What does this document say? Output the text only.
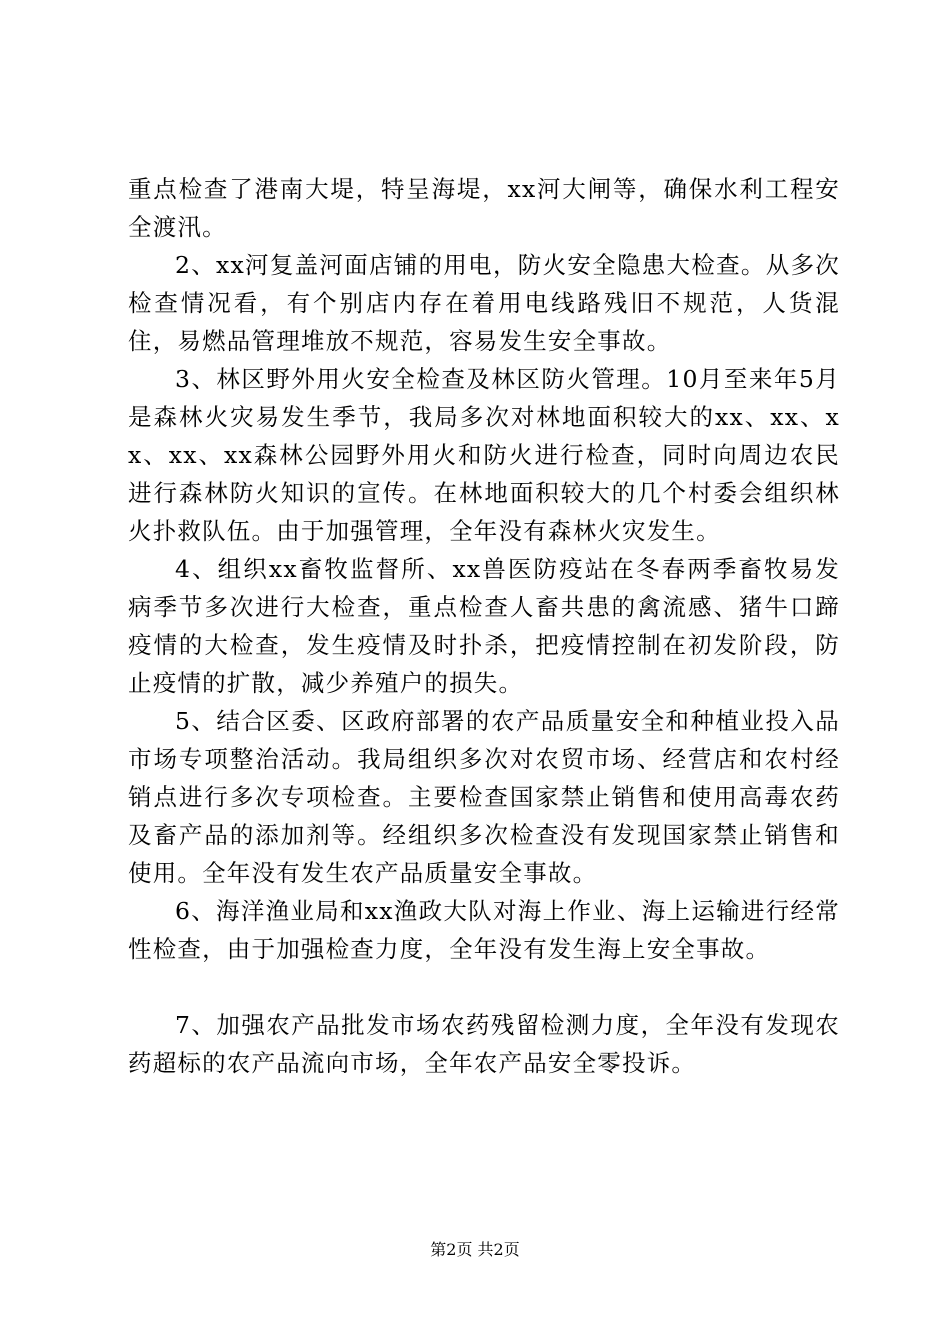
重点检查了港南大堤，特呈海堤，xx河大闸等，确保水利工程安全渡汛。

2、xx河复盖河面店铺的用电，防火安全隐患大检查。从多次检查情况看，有个别店内存在着用电线路残旧不规范，人货混住，易燃品管理堆放不规范，容易发生安全事故。

3、林区野外用火安全检查及林区防火管理。10月至来年5月是森林火灾易发生季节，我局多次对林地面积较大的xx、xx、xx、xx、xx森林公园野外用火和防火进行检查，同时向周边农民进行森林防火知识的宣传。在林地面积较大的几个村委会组织林火扑救队伍。由于加强管理，全年没有森林火灾发生。

4、组织xx畜牧监督所、xx兽医防疫站在冬春两季畜牧易发病季节多次进行大检查，重点检查人畜共患的禽流感、猪牛口蹄疫情的大检查，发生疫情及时扑杀，把疫情控制在初发阶段，防止疫情的扩散，减少养殖户的损失。

5、结合区委、区政府部署的农产品质量安全和种植业投入品市场专项整治活动。我局组织多次对农贸市场、经营店和农村经销点进行多次专项检查。主要检查国家禁止销售和使用高毒农药及畜产品的添加剂等。经组织多次检查没有发现国家禁止销售和使用。全年没有发生农产品质量安全事故。

6、海洋渔业局和xx渔政大队对海上作业、海上运输进行经常性检查，由于加强检查力度，全年没有发生海上安全事故。

7、加强农产品批发市场农药残留检测力度，全年没有发现农药超标的农产品流向市场，全年农产品安全零投诉。

第2页 共2页
